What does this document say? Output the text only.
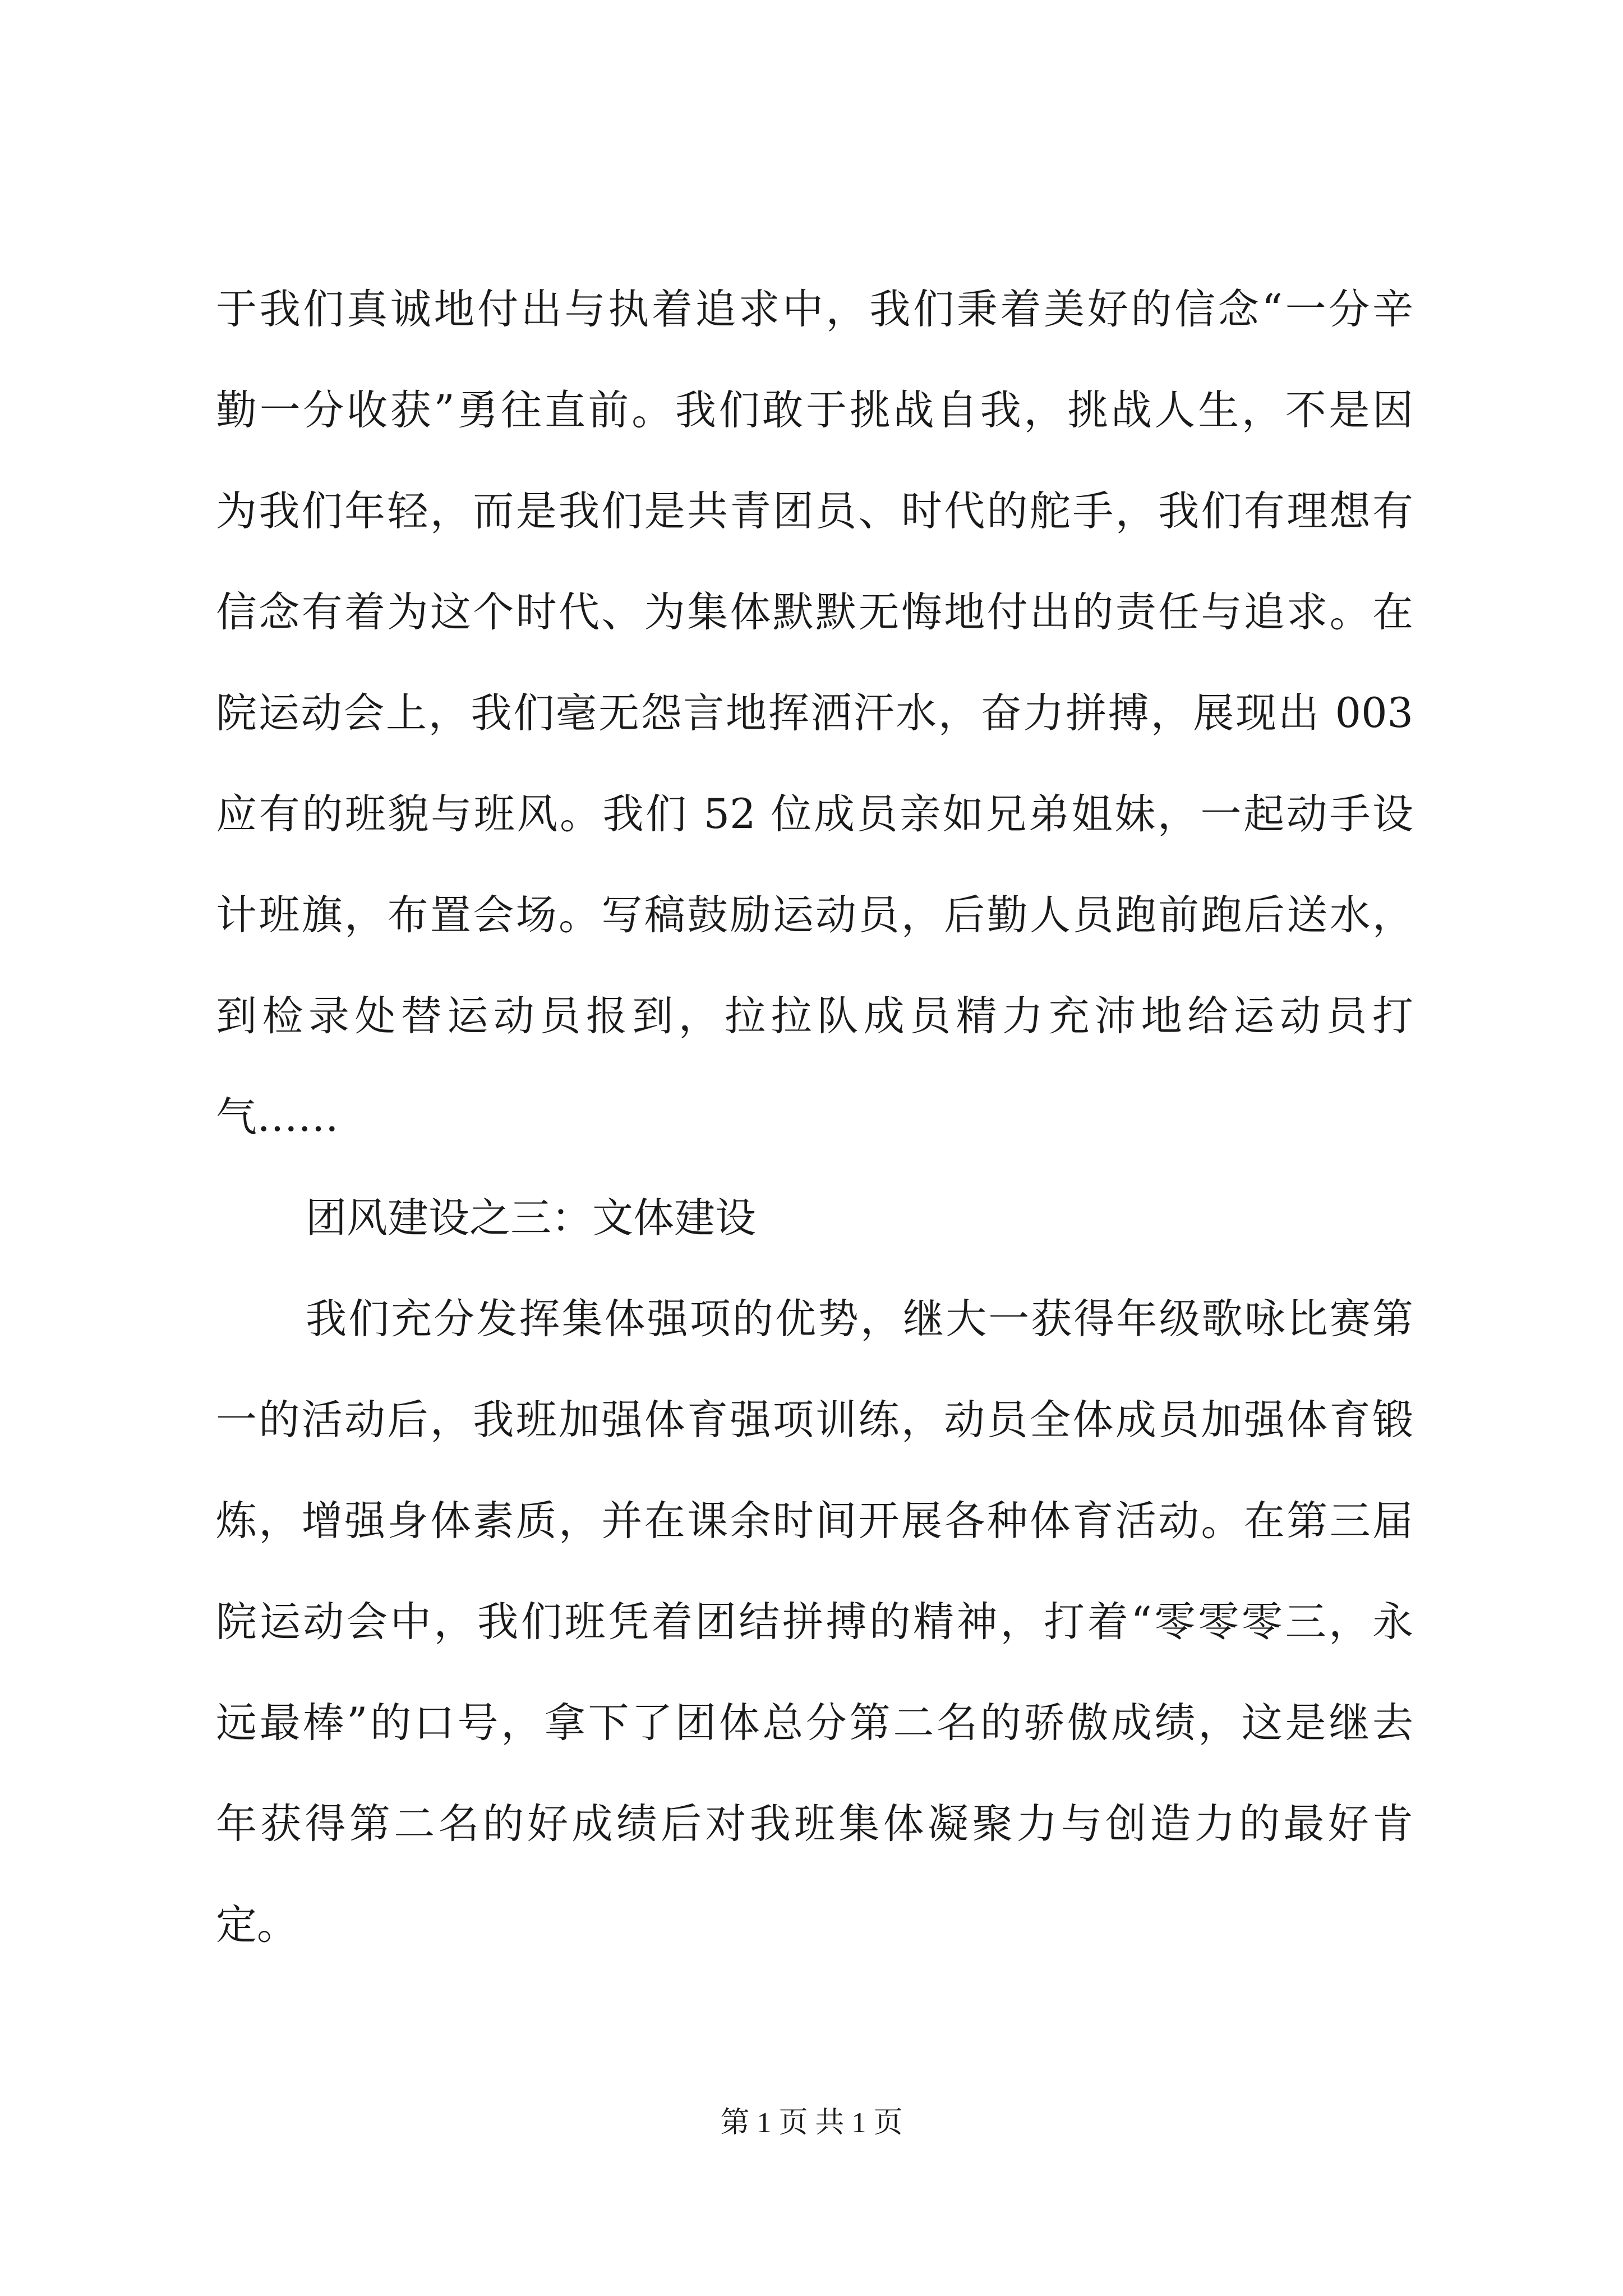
于我们真诚地付出与执着追求中，我们秉着美好的信念“一分辛
勤一分收获”勇往直前。我们敢于挑战自我，挑战人生，不是因
为我们年轻，而是我们是共青团员、时代的舵手，我们有理想有
信念有着为这个时代、为集体默默无悔地付出的责任与追求。在
院运动会上，我们毫无怨言地挥洒汗水，奋力拼搏，展现出 003
应有的班貌与班风。我们 52 位成员亲如兄弟姐妹，一起动手设
计班旗，布置会场。写稿鼓励运动员，后勤人员跑前跑后送水，
到检录处替运动员报到，拉拉队成员精力充沛地给运动员打
气……
团风建设之三：文体建设
我们充分发挥集体强项的优势，继大一获得年级歌咏比赛第
一的活动后，我班加强体育强项训练，动员全体成员加强体育锻
炼，增强身体素质，并在课余时间开展各种体育活动。在第三届
院运动会中，我们班凭着团结拼搏的精神，打着“零零零三，永
远最棒”的口号，拿下了团体总分第二名的骄傲成绩，这是继去
年获得第二名的好成绩后对我班集体凝聚力与创造力的最好肯
定。
第 1 页 共 1 页
